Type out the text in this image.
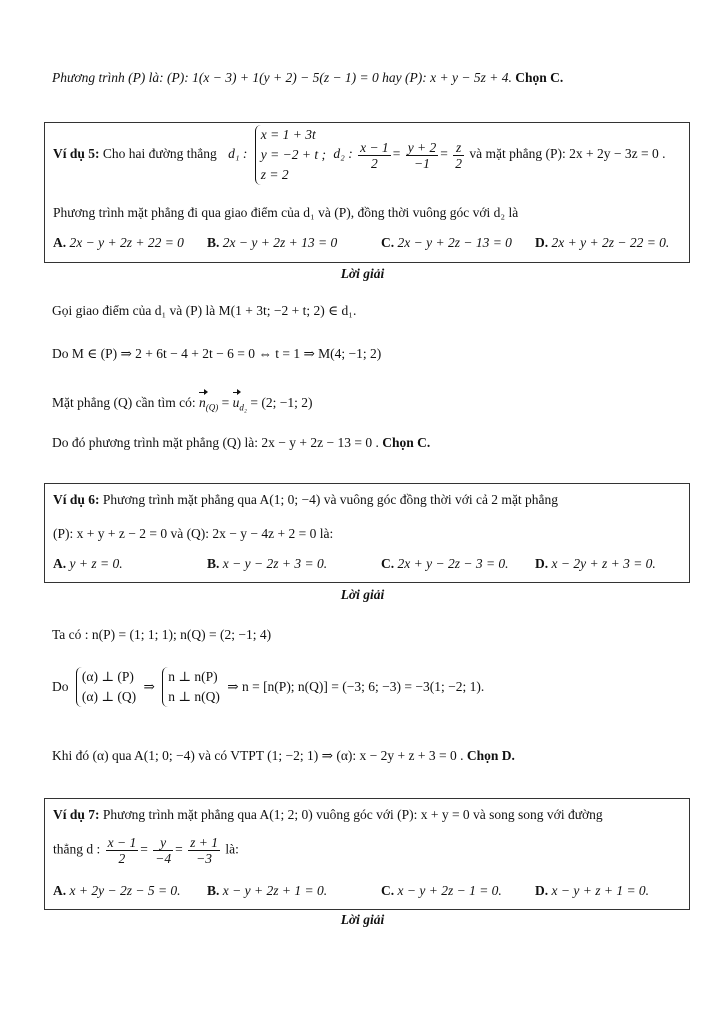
Phương trình (P) là: (P): 1(x − 3) + 1(y + 2) − 5(z − 1) = 0 hay (P): x + y − 5z + 4. Chọn C.
Ví dụ 5: Cho hai đường thẳng d₁ :
x = 1 + 3t
y = −2 + t ;
z = 2
d₂ : $\frac{x - 1}{2} = \frac{y + 2}{-1} = \frac{z}{2}$ và mặt phẳng (P): 2x + 2y − 3z = 0 .
Phương trình mặt phẳng đi qua giao điểm của d₁ và (P), đồng thời vuông góc với d₂ là
A. 2x − y + 2z + 22 = 0 B. 2x − y + 2z + 13 = 0	C. 2x − y + 2z − 13 = 0 D. 2x + y + 2z − 22 = 0.
Lời giải
Gọi giao điểm của d₁ và (P) là M(1 + 3t; −2 + t; 2) ∈ d₁.
Do M ∈ (P) ⇒ 2 + 6t − 4 + 2t − 6 = 0 ⇔ t = 1 ⇒ M(4; −1; 2)
Mặt phẳng (Q) cần tìm có: $n_{(Q)} = u_{d_2} = (2$; −1; 2)
Do đó phương trình mặt phẳng (Q) là: 2x − y + 2z − 13 = 0 . Chọn C.
Ví dụ 6: Phương trình mặt phẳng qua A(1; 0; −4) và vuông góc đồng thời với cả 2 mặt phẳng
(P): x + y + z − 2 = 0 và (Q): 2x − y − 4z + 2 = 0 là:
A. y + z = 0.	B. x − y − 2z + 3 = 0.	C. 2x + y − 2z − 3 = 0. D. x − 2y + z + 3 = 0.
Lời giải
Ta có : n(P) = (1; 1; 1); n(Q) = (2; −1; 4)
Do
(α) ⊥ (P)
(α) ⊥ (Q)
⇒
n ⊥ n(P)
n ⊥ n(Q)
⇒ n = [n(P); n(Q)] = (−3; 6; −3) = −3(1; −2; 1).
Khi đó (α) qua A(1; 0; −4) và có VTPT (1; −2; 1) ⇒ (α): x − 2y + z + 3 = 0 . Chọn D.
Ví dụ 7: Phương trình mặt phẳng qua A(1; 2; 0) vuông góc với (P): x + y = 0 và song song với đường
thẳng d : $\frac{x - 1}{2} = \frac{y}{-4} = \frac{z + 1}{-3}$ là:
A. x + 2y − 2z − 5 = 0. B. x − y + 2z + 1 = 0.	C. x − y + 2z − 1 = 0. D. x − y + z + 1 = 0.
Lời giải
